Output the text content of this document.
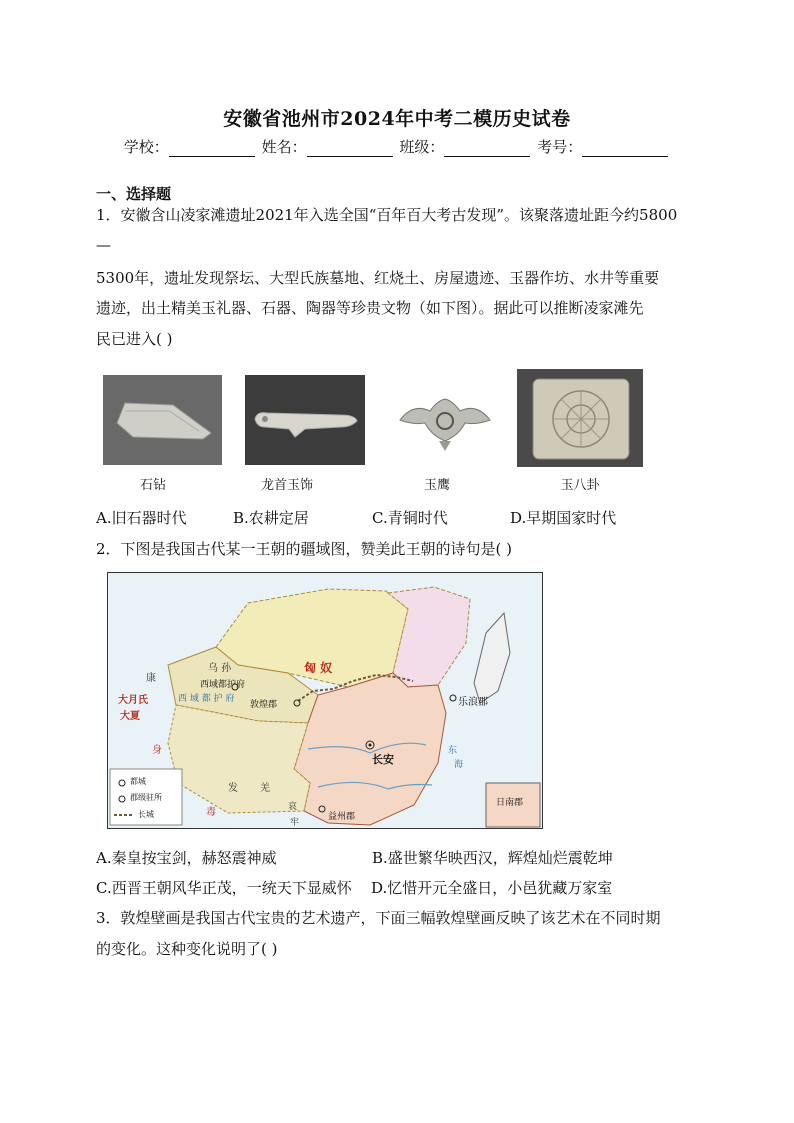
安徽省池州市2024年中考二模历史试卷
学校：	姓名：	班级：	考号：
一、选择题
1．安徽含山凌家滩遗址2021年入选全国“百年百大考古发现”。该聚落遗址距今约5800
—
5300年，遗址发现祭坛、大型氏族墓地、红烧土、房屋遗迹、玉器作坊、水井等重要
遗迹，出土精美玉礼器、石器、陶器等珍贵文物（如下图）。据此可以推断凌家滩先
民已进入( )
石钻	龙首玉饰	玉鹰	玉八卦
A.旧石器时代	B.农耕定居	C.青铜时代	D.早期国家时代
2．下图是我国古代某一王朝的疆域图，赞美此王朝的诗句是( )
乌 孙	匈 奴
西域都护府
西 域 都 护 府
敦煌郡	乐浪郡
长安
益州郡
日南郡
大月氏
大夏
身
康
羌
发
毒	哀
牢
东
海
都城
郡级驻所
长城
A.秦皇按宝剑，赫怒震神威	B.盛世繁华映西汉，辉煌灿烂震乾坤
C.西晋王朝风华正茂，一统天下显威怀 D.忆惜开元全盛日，小邑犹藏万家室
3．敦煌壁画是我国古代宝贵的艺术遗产，下面三幅敦煌壁画反映了该艺术在不同时期
的变化。这种变化说明了( )
